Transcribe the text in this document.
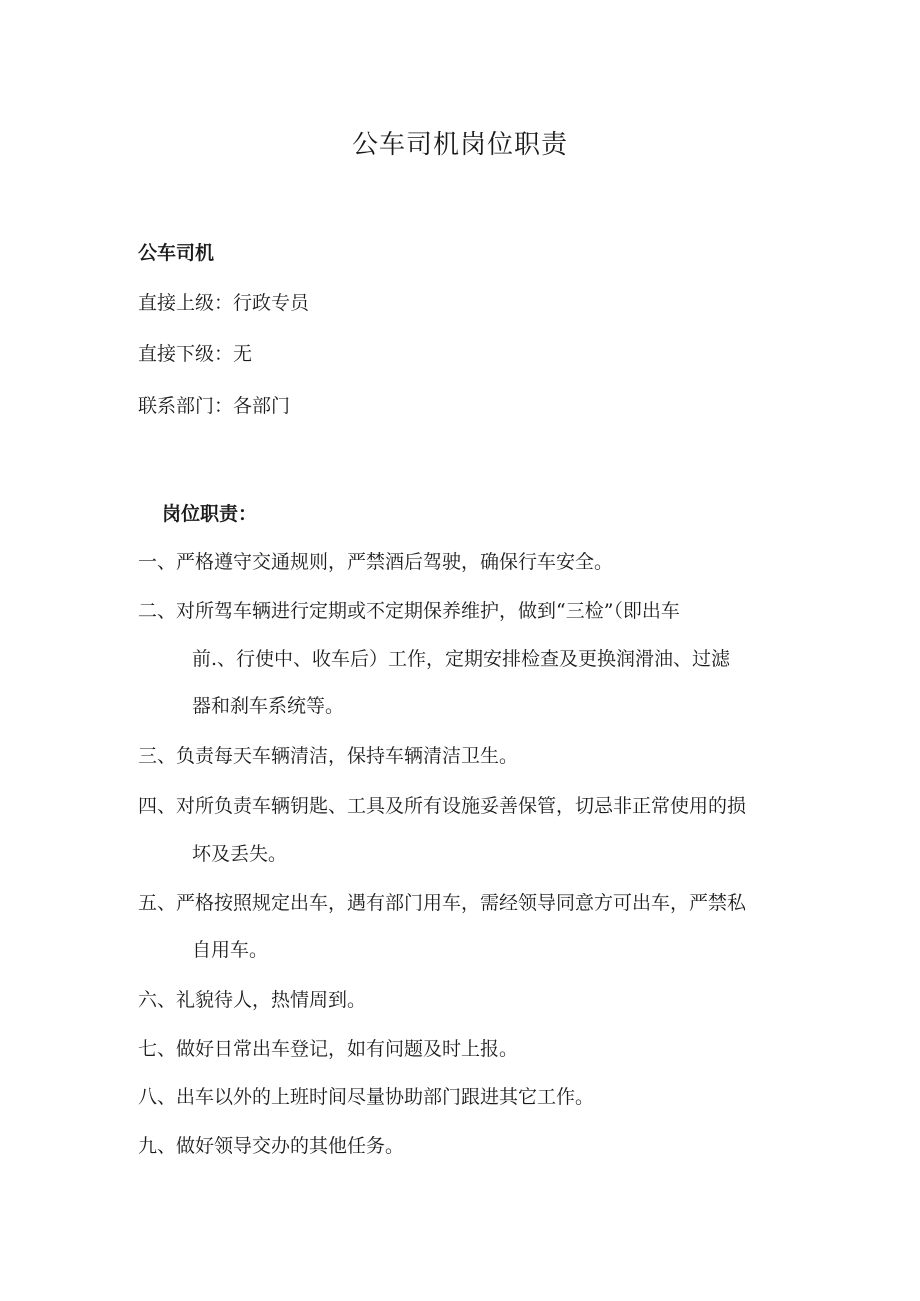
公车司机岗位职责

公车司机

直接上级：行政专员

直接下级：无

联系部门：各部门

岗位职责：

一、严格遵守交通规则，严禁酒后驾驶，确保行车安全。

二、对所驾车辆进行定期或不定期保养维护，做到“三检”（即出车

前.、行使中、收车后）工作，定期安排检查及更换润滑油、过滤

器和刹车系统等。

三、负责每天车辆清洁，保持车辆清洁卫生。

四、对所负责车辆钥匙、工具及所有设施妥善保管，切忌非正常使用的损

坏及丢失。

五、严格按照规定出车，遇有部门用车，需经领导同意方可出车，严禁私

自用车。

六、礼貌待人，热情周到。

七、做好日常出车登记，如有问题及时上报。

八、出车以外的上班时间尽量协助部门跟进其它工作。

九、做好领导交办的其他任务。
